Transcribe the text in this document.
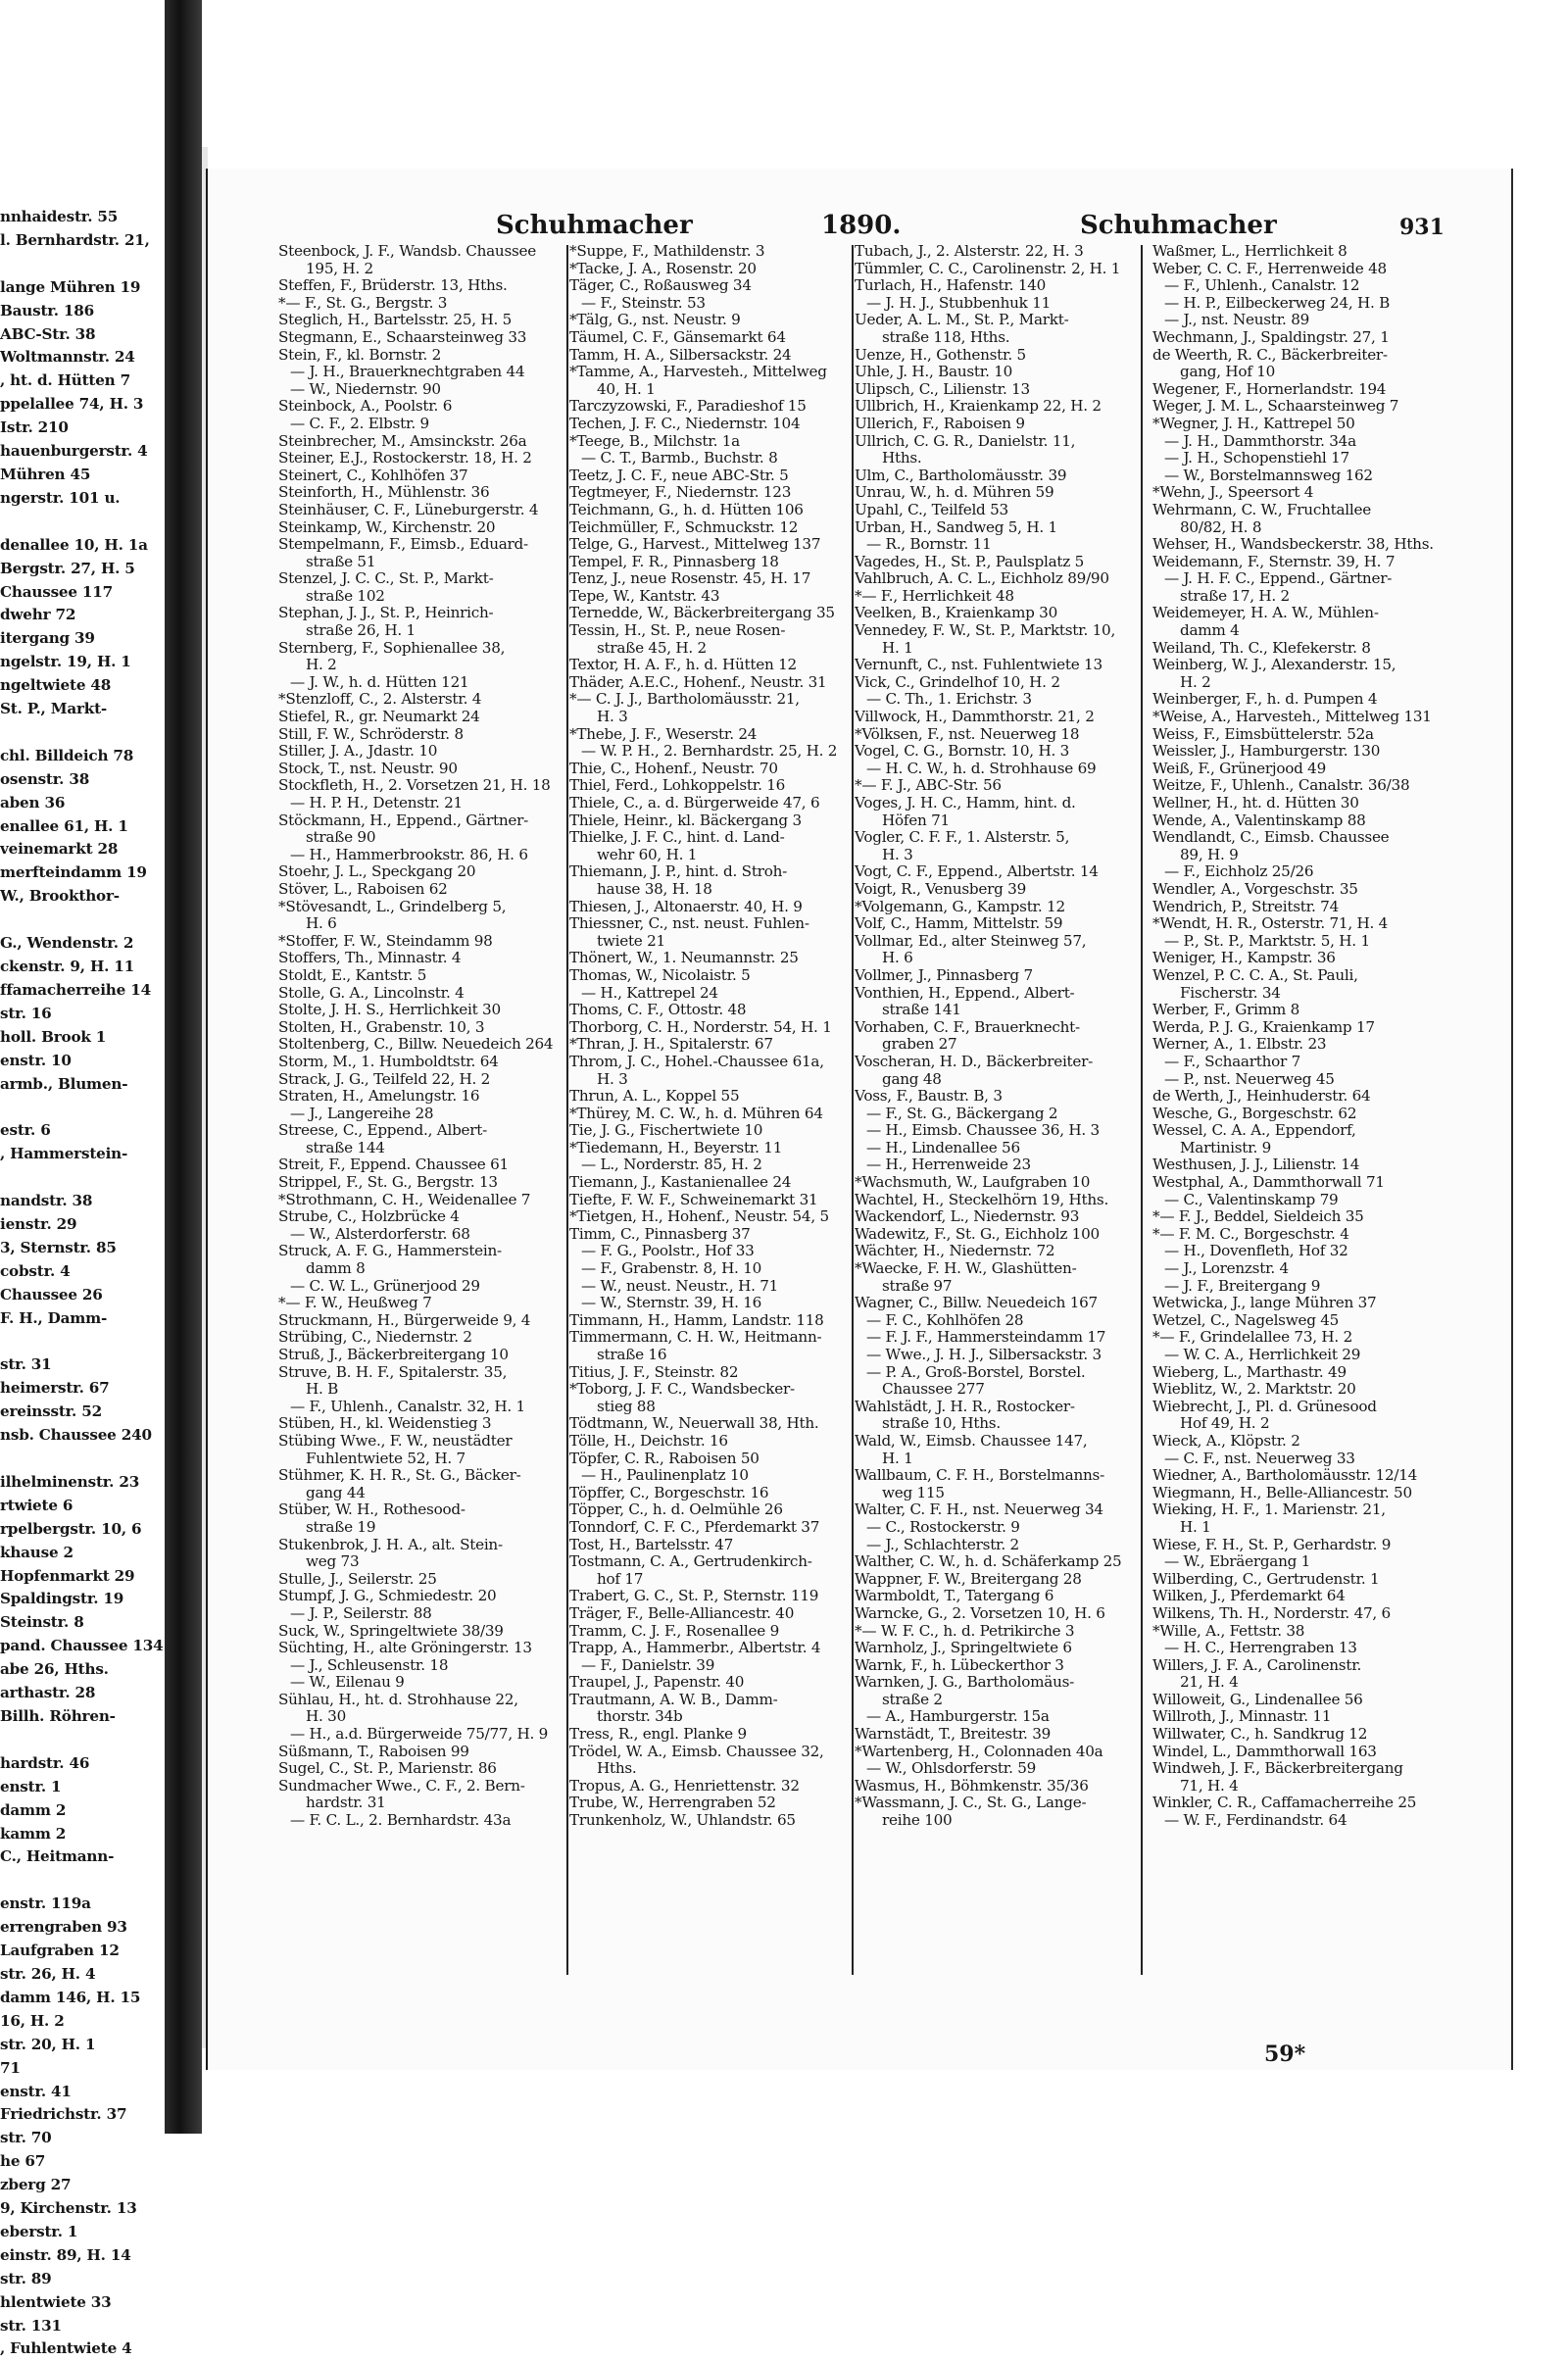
nnhaidestr. 55
l. Bernhardstr. 21,

lange Mühren 19
Baustr. 186
ABC-Str. 38
Woltmannstr. 24
, ht. d. Hütten 7
ppelallee 74, H. 3
Istr. 210
hauenburgerstr. 4
Mühren 45
ngerstr. 101 u.

denallee 10, H. 1a
Bergstr. 27, H. 5
Chaussee 117
dwehr 72
itergang 39
ngelstr. 19, H. 1
ngeltwiete 48
St. P., Markt-

chl. Billdeich 78
osenstr. 38
aben 36
enallee 61, H. 1
veinemarkt 28
merfteindamm 19
W., Brookthor-

G., Wendenstr. 2
ckenstr. 9, H. 11
ffamacherreihe 14
str. 16
holl. Brook 1
enstr. 10
armb., Blumen-

estr. 6
, Hammerstein-

nandstr. 38
ienstr. 29
3, Sternstr. 85
cobstr. 4
Chaussee 26
F. H., Damm-

str. 31
heimerstr. 67
ereinsstr. 52
nsb. Chaussee 240

ilhelminenstr. 23
rtwiete 6
rpelbergstr. 10, 6
khause 2
Hopfenmarkt 29
Spaldingstr. 19
Steinstr. 8
pand. Chaussee 134
abe 26, Hths.
arthastr. 28
Billh. Röhren-

hardstr. 46
enstr. 1
damm 2
kamm 2
C., Heitmann-

enstr. 119a
errengraben 93
Laufgraben 12
str. 26, H. 4
damm 146, H. 15
16, H. 2
str. 20, H. 1
71
enstr. 41
Friedrichstr. 37
str. 70
he 67
zberg 27
9, Kirchenstr. 13
eberstr. 1
einstr. 89, H. 14
str. 89
hlentwiete 33
str. 131
, Fuhlentwiete 4
Schuhmacher	1890.	Schuhmacher	931
Steenbock, J. F., Wandsb. Chaussee
195, H. 2
Steffen, F., Brüderstr. 13, Hths.
*— F., St. G., Bergstr. 3
Steglich, H., Bartelsstr. 25, H. 5
Stegmann, E., Schaarsteinweg 33
Stein, F., kl. Bornstr. 2
— J. H., Brauerknechtgraben 44
— W., Niedernstr. 90
Steinbock, A., Poolstr. 6
— C. F., 2. Elbstr. 9
Steinbrecher, M., Amsinckstr. 26a
Steiner, E.J., Rostockerstr. 18, H. 2
Steinert, C., Kohlhöfen 37
Steinforth, H., Mühlenstr. 36
Steinhäuser, C. F., Lüneburgerstr. 4
Steinkamp, W., Kirchenstr. 20
Stempelmann, F., Eimsb., Eduard-
straße 51
Stenzel, J. C. C., St. P., Markt-
straße 102
Stephan, J. J., St. P., Heinrich-
straße 26, H. 1
Sternberg, F., Sophienallee 38,
H. 2
— J. W., h. d. Hütten 121
*Stenzloff, C., 2. Alsterstr. 4
Stiefel, R., gr. Neumarkt 24
Still, F. W., Schröderstr. 8
Stiller, J. A., Jdastr. 10
Stock, T., nst. Neustr. 90
Stockfleth, H., 2. Vorsetzen 21, H. 18
— H. P. H., Detenstr. 21
Stöckmann, H., Eppend., Gärtner-
straße 90
— H., Hammerbrookstr. 86, H. 6
Stoehr, J. L., Speckgang 20
Stöver, L., Raboisen 62
*Stövesandt, L., Grindelberg 5,
H. 6
*Stoffer, F. W., Steindamm 98
Stoffers, Th., Minnastr. 4
Stoldt, E., Kantstr. 5
Stolle, G. A., Lincolnstr. 4
Stolte, J. H. S., Herrlichkeit 30
Stolten, H., Grabenstr. 10, 3
Stoltenberg, C., Billw. Neuedeich 264
Storm, M., 1. Humboldtstr. 64
Strack, J. G., Teilfeld 22, H. 2
Straten, H., Amelungstr. 16
— J., Langereihe 28
Streese, C., Eppend., Albert-
straße 144
Streit, F., Eppend. Chaussee 61
Strippel, F., St. G., Bergstr. 13
*Strothmann, C. H., Weidenallee 7
Strube, C., Holzbrücke 4
— W., Alsterdorferstr. 68
Struck, A. F. G., Hammerstein-
damm 8
— C. W. L., Grünerjood 29
*— F. W., Heußweg 7
Struckmann, H., Bürgerweide 9, 4
Strübing, C., Niedernstr. 2
Struß, J., Bäckerbreitergang 10
Struve, B. H. F., Spitalerstr. 35,
H. B
— F., Uhlenh., Canalstr. 32, H. 1
Stüben, H., kl. Weidenstieg 3
Stübing Wwe., F. W., neustädter
Fuhlentwiete 52, H. 7
Stühmer, K. H. R., St. G., Bäcker-
gang 44
Stüber, W. H., Rothesood-
straße 19
Stukenbrok, J. H. A., alt. Stein-
weg 73
Stulle, J., Seilerstr. 25
Stumpf, J. G., Schmiedestr. 20
— J. P., Seilerstr. 88
Suck, W., Springeltwiete 38/39
Süchting, H., alte Gröningerstr. 13
— J., Schleusenstr. 18
— W., Eilenau 9
Sühlau, H., ht. d. Strohhause 22,
H. 30
— H., a.d. Bürgerweide 75/77, H. 9
Süßmann, T., Raboisen 99
Sugel, C., St. P., Marienstr. 86
Sundmacher Wwe., C. F., 2. Bern-
hardstr. 31
— F. C. L., 2. Bernhardstr. 43a
*Suppe, F., Mathildenstr. 3
*Tacke, J. A., Rosenstr. 20
Täger, C., Roßausweg 34
— F., Steinstr. 53
*Tälg, G., nst. Neustr. 9
Täumel, C. F., Gänsemarkt 64
Tamm, H. A., Silbersackstr. 24
*Tamme, A., Harvesteh., Mittelweg
40, H. 1
Tarczyzowski, F., Paradieshof 15
Techen, J. F. C., Niedernstr. 104
*Teege, B., Milchstr. 1a
— C. T., Barmb., Buchstr. 8
Teetz, J. C. F., neue ABC-Str. 5
Tegtmeyer, F., Niedernstr. 123
Teichmann, G., h. d. Hütten 106
Teichmüller, F., Schmuckstr. 12
Telge, G., Harvest., Mittelweg 137
Tempel, F. R., Pinnasberg 18
Tenz, J., neue Rosenstr. 45, H. 17
Tepe, W., Kantstr. 43
Ternedde, W., Bäckerbreitergang 35
Tessin, H., St. P., neue Rosen-
straße 45, H. 2
Textor, H. A. F., h. d. Hütten 12
Thäder, A.E.C., Hohenf., Neustr. 31
*— C. J. J., Bartholomäusstr. 21,
H. 3
*Thebe, J. F., Weserstr. 24
— W. P. H., 2. Bernhardstr. 25, H. 2
Thie, C., Hohenf., Neustr. 70
Thiel, Ferd., Lohkoppelstr. 16
Thiele, C., a. d. Bürgerweide 47, 6
Thiele, Heinr., kl. Bäckergang 3
Thielke, J. F. C., hint. d. Land-
wehr 60, H. 1
Thiemann, J. P., hint. d. Stroh-
hause 38, H. 18
Thiesen, J., Altonaerstr. 40, H. 9
Thiessner, C., nst. neust. Fuhlen-
twiete 21
Thönert, W., 1. Neumannstr. 25
Thomas, W., Nicolaistr. 5
— H., Kattrepel 24
Thoms, C. F., Ottostr. 48
Thorborg, C. H., Norderstr. 54, H. 1
*Thran, J. H., Spitalerstr. 67
Throm, J. C., Hohel.-Chaussee 61a,
H. 3
Thrun, A. L., Koppel 55
*Thürey, M. C. W., h. d. Mühren 64
Tie, J. G., Fischertwiete 10
*Tiedemann, H., Beyerstr. 11
— L., Norderstr. 85, H. 2
Tiemann, J., Kastanienallee 24
Tiefte, F. W. F., Schweinemarkt 31
*Tietgen, H., Hohenf., Neustr. 54, 5
Timm, C., Pinnasberg 37
— F. G., Poolstr., Hof 33
— F., Grabenstr. 8, H. 10
— W., neust. Neustr., H. 71
— W., Sternstr. 39, H. 16
Timmann, H., Hamm, Landstr. 118
Timmermann, C. H. W., Heitmann-
straße 16
Titius, J. F., Steinstr. 82
*Toborg, J. F. C., Wandsbecker-
stieg 88
Tödtmann, W., Neuerwall 38, Hth.
Tölle, H., Deichstr. 16
Töpfer, C. R., Raboisen 50
— H., Paulinenplatz 10
Töpffer, C., Borgeschstr. 16
Töpper, C., h. d. Oelmühle 26
Tonndorf, C. F. C., Pferdemarkt 37
Tost, H., Bartelsstr. 47
Tostmann, C. A., Gertrudenkirch-
hof 17
Trabert, G. C., St. P., Sternstr. 119
Träger, F., Belle-Alliancestr. 40
Tramm, C. J. F., Rosenallee 9
Trapp, A., Hammerbr., Albertstr. 4
— F., Danielstr. 39
Traupel, J., Papenstr. 40
Trautmann, A. W. B., Damm-
thorstr. 34b
Tress, R., engl. Planke 9
Trödel, W. A., Eimsb. Chaussee 32,
Hths.
Tropus, A. G., Henriettenstr. 32
Trube, W., Herrengraben 52
Trunkenholz, W., Uhlandstr. 65
Tubach, J., 2. Alsterstr. 22, H. 3
Tümmler, C. C., Carolinenstr. 2, H. 1
Turlach, H., Hafenstr. 140
— J. H. J., Stubbenhuk 11
Ueder, A. L. M., St. P., Markt-
straße 118, Hths.
Uenze, H., Gothenstr. 5
Uhle, J. H., Baustr. 10
Ulipsch, C., Lilienstr. 13
Ullbrich, H., Kraienkamp 22, H. 2
Ullerich, F., Raboisen 9
Ullrich, C. G. R., Danielstr. 11,
Hths.
Ulm, C., Bartholomäusstr. 39
Unrau, W., h. d. Mühren 59
Upahl, C., Teilfeld 53
Urban, H., Sandweg 5, H. 1
— R., Bornstr. 11
Vagedes, H., St. P., Paulsplatz 5
Vahlbruch, A. C. L., Eichholz 89/90
*— F., Herrlichkeit 48
Veelken, B., Kraienkamp 30
Vennedey, F. W., St. P., Marktstr. 10,
H. 1
Vernunft, C., nst. Fuhlentwiete 13
Vick, C., Grindelhof 10, H. 2
— C. Th., 1. Erichstr. 3
Villwock, H., Dammthorstr. 21, 2
*Völksen, F., nst. Neuerweg 18
Vogel, C. G., Bornstr. 10, H. 3
— H. C. W., h. d. Strohhause 69
*— F. J., ABC-Str. 56
Voges, J. H. C., Hamm, hint. d.
Höfen 71
Vogler, C. F. F., 1. Alsterstr. 5,
H. 3
Vogt, C. F., Eppend., Albertstr. 14
Voigt, R., Venusberg 39
*Volgemann, G., Kampstr. 12
Volf, C., Hamm, Mittelstr. 59
Vollmar, Ed., alter Steinweg 57,
H. 6
Vollmer, J., Pinnasberg 7
Vonthien, H., Eppend., Albert-
straße 141
Vorhaben, C. F., Brauerknecht-
graben 27
Voscheran, H. D., Bäckerbreiter-
gang 48
Voss, F., Baustr. B, 3
— F., St. G., Bäckergang 2
— H., Eimsb. Chaussee 36, H. 3
— H., Lindenallee 56
— H., Herrenweide 23
*Wachsmuth, W., Laufgraben 10
Wachtel, H., Steckelhörn 19, Hths.
Wackendorf, L., Niedernstr. 93
Wadewitz, F., St. G., Eichholz 100
Wächter, H., Niedernstr. 72
*Waecke, F. H. W., Glashütten-
straße 97
Wagner, C., Billw. Neuedeich 167
— F. C., Kohlhöfen 28
— F. J. F., Hammersteindamm 17
— Wwe., J. H. J., Silbersackstr. 3
— P. A., Groß-Borstel, Borstel.
Chaussee 277
Wahlstädt, J. H. R., Rostocker-
straße 10, Hths.
Wald, W., Eimsb. Chaussee 147,
H. 1
Wallbaum, C. F. H., Borstelmanns-
weg 115
Walter, C. F. H., nst. Neuerweg 34
— C., Rostockerstr. 9
— J., Schlachterstr. 2
Walther, C. W., h. d. Schäferkamp 25
Wappner, F. W., Breitergang 28
Warmboldt, T., Tatergang 6
Warncke, G., 2. Vorsetzen 10, H. 6
*— W. F. C., h. d. Petrikirche 3
Warnholz, J., Springeltwiete 6
Warnk, F., h. Lübeckerthor 3
Warnken, J. G., Bartholomäus-
straße 2
— A., Hamburgerstr. 15a
Warnstädt, T., Breitestr. 39
*Wartenberg, H., Colonnaden 40a
— W., Ohlsdorferstr. 59
Wasmus, H., Böhmkenstr. 35/36
*Wassmann, J. C., St. G., Lange-
reihe 100
Waßmer, L., Herrlichkeit 8
Weber, C. C. F., Herrenweide 48
— F., Uhlenh., Canalstr. 12
— H. P., Eilbeckerweg 24, H. B
— J., nst. Neustr. 89
Wechmann, J., Spaldingstr. 27, 1
de Weerth, R. C., Bäckerbreiter-
gang, Hof 10
Wegener, F., Hornerlandstr. 194
Weger, J. M. L., Schaarsteinweg 7
*Wegner, J. H., Kattrepel 50
— J. H., Dammthorstr. 34a
— J. H., Schopenstiehl 17
— W., Borstelmannsweg 162
*Wehn, J., Speersort 4
Wehrmann, C. W., Fruchtallee
80/82, H. 8
Wehser, H., Wandsbeckerstr. 38, Hths.
Weidemann, F., Sternstr. 39, H. 7
— J. H. F. C., Eppend., Gärtner-
straße 17, H. 2
Weidemeyer, H. A. W., Mühlen-
damm 4
Weiland, Th. C., Klefekerstr. 8
Weinberg, W. J., Alexanderstr. 15,
H. 2
Weinberger, F., h. d. Pumpen 4
*Weise, A., Harvesteh., Mittelweg 131
Weiss, F., Eimsbüttelerstr. 52a
Weissler, J., Hamburgerstr. 130
Weiß, F., Grünerjood 49
Weitze, F., Uhlenh., Canalstr. 36/38
Wellner, H., ht. d. Hütten 30
Wende, A., Valentinskamp 88
Wendlandt, C., Eimsb. Chaussee
89, H. 9
— F., Eichholz 25/26
Wendler, A., Vorgeschstr. 35
Wendrich, P., Streitstr. 74
*Wendt, H. R., Osterstr. 71, H. 4
— P., St. P., Marktstr. 5, H. 1
Weniger, H., Kampstr. 36
Wenzel, P. C. C. A., St. Pauli,
Fischerstr. 34
Werber, F., Grimm 8
Werda, P. J. G., Kraienkamp 17
Werner, A., 1. Elbstr. 23
— F., Schaarthor 7
— P., nst. Neuerweg 45
de Werth, J., Heinhuderstr. 64
Wesche, G., Borgeschstr. 62
Wessel, C. A. A., Eppendorf,
Martinistr. 9
Westhusen, J. J., Lilienstr. 14
Westphal, A., Dammthorwall 71
— C., Valentinskamp 79
*— F. J., Beddel, Sieldeich 35
*— F. M. C., Borgeschstr. 4
— H., Dovenfleth, Hof 32
— J., Lorenzstr. 4
— J. F., Breitergang 9
Wetwicka, J., lange Mühren 37
Wetzel, C., Nagelsweg 45
*— F., Grindelallee 73, H. 2
— W. C. A., Herrlichkeit 29
Wieberg, L., Marthastr. 49
Wieblitz, W., 2. Marktstr. 20
Wiebrecht, J., Pl. d. Grünesood
Hof 49, H. 2
Wieck, A., Klöpstr. 2
— C. F., nst. Neuerweg 33
Wiedner, A., Bartholomäusstr. 12/14
Wiegmann, H., Belle-Alliancestr. 50
Wieking, H. F., 1. Marienstr. 21,
H. 1
Wiese, F. H., St. P., Gerhardstr. 9
— W., Ebräergang 1
Wilberding, C., Gertrudenstr. 1
Wilken, J., Pferdemarkt 64
Wilkens, Th. H., Norderstr. 47, 6
*Wille, A., Fettstr. 38
— H. C., Herrengraben 13
Willers, J. F. A., Carolinenstr.
21, H. 4
Willoweit, G., Lindenallee 56
Willroth, J., Minnastr. 11
Willwater, C., h. Sandkrug 12
Windel, L., Dammthorwall 163
Windweh, J. F., Bäckerbreitergang
71, H. 4
Winkler, C. R., Caffamacherreihe 25
— W. F., Ferdinandstr. 64
59*
